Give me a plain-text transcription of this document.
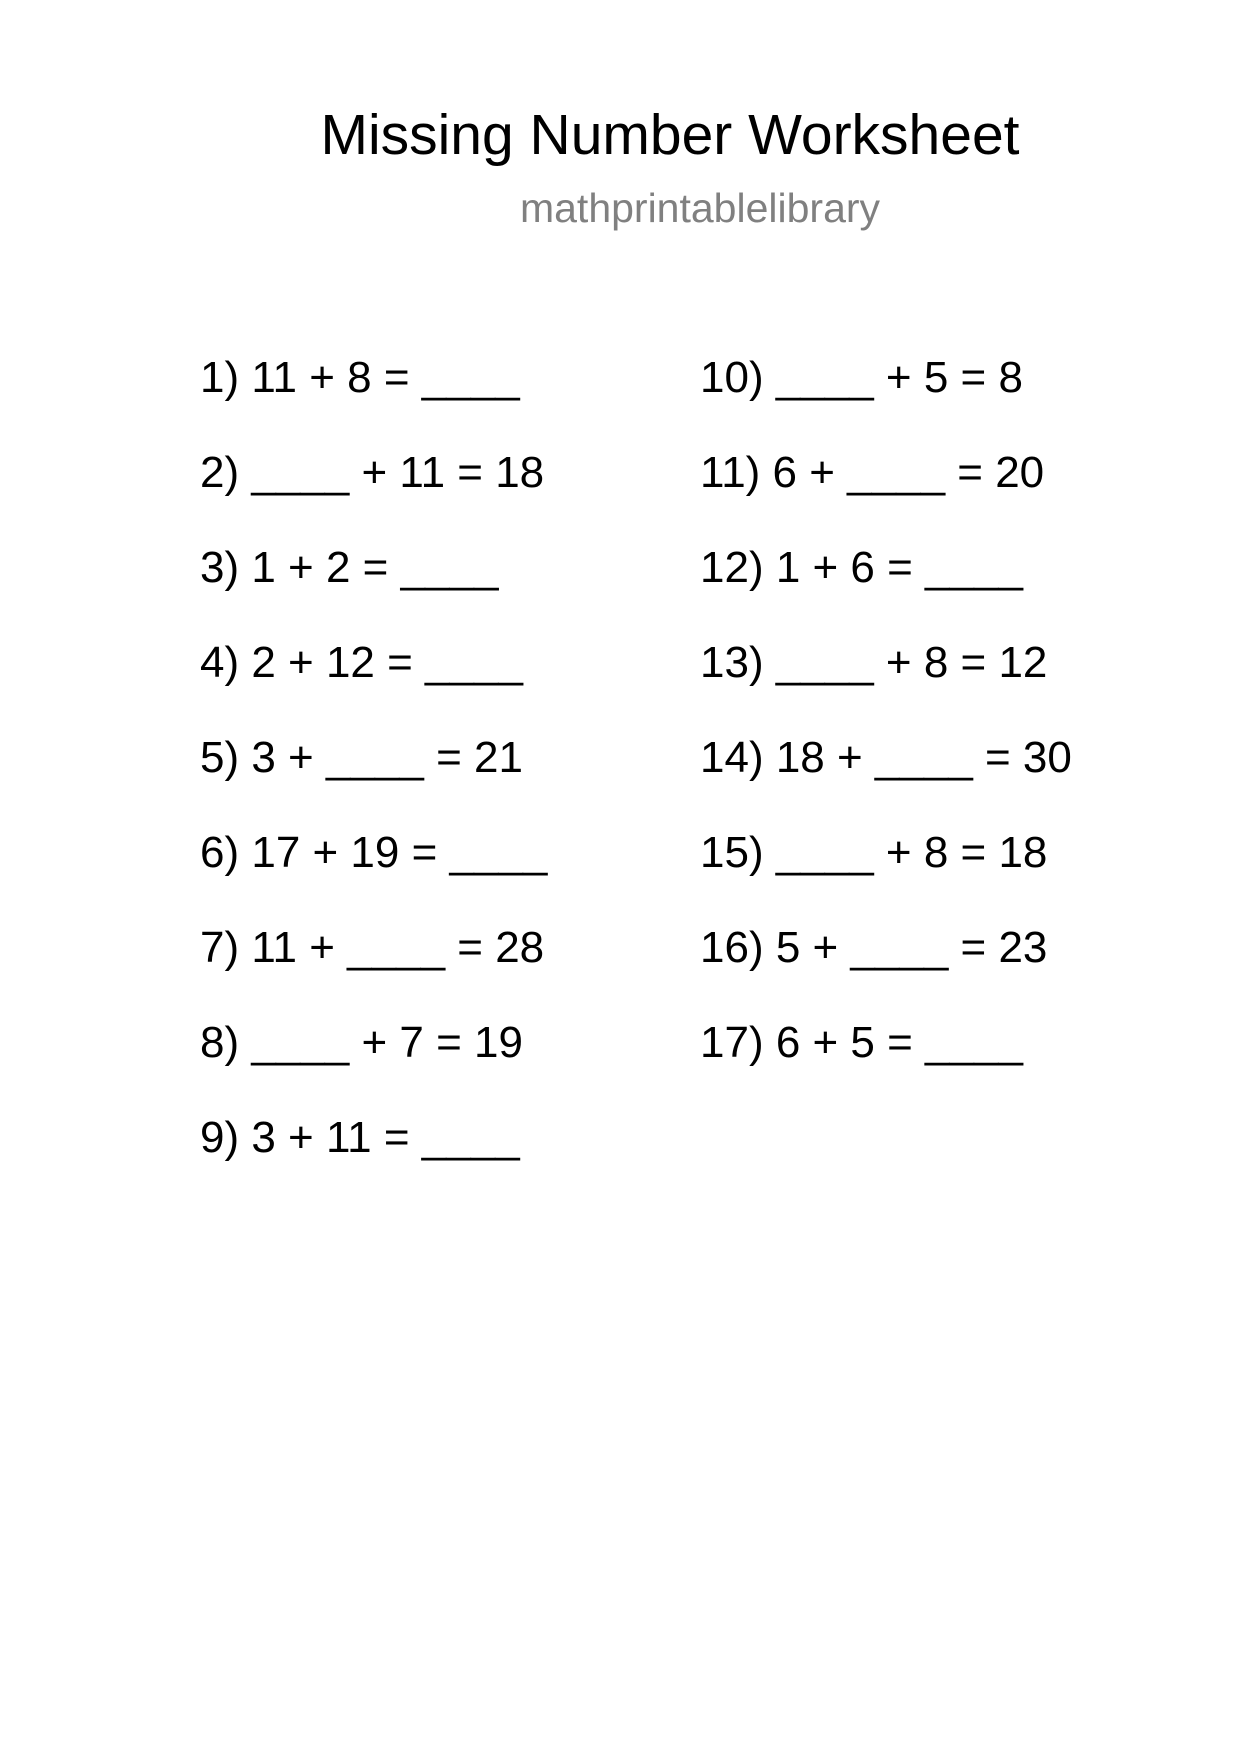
Missing Number Worksheet
mathprintablelibrary
1) 11 + 8 = ____
2) ____ + 11 = 18
3) 1 + 2 = ____
4) 2 + 12 = ____
5) 3 + ____ = 21
6) 17 + 19 = ____
7) 11 + ____ = 28
8) ____ + 7 = 19
9) 3 + 11 = ____
10) ____ + 5 = 8
11) 6 + ____ = 20
12) 1 + 6 = ____
13) ____ + 8 = 12
14) 18 + ____ = 30
15) ____ + 8 = 18
16) 5 + ____ = 23
17) 6 + 5 = ____
